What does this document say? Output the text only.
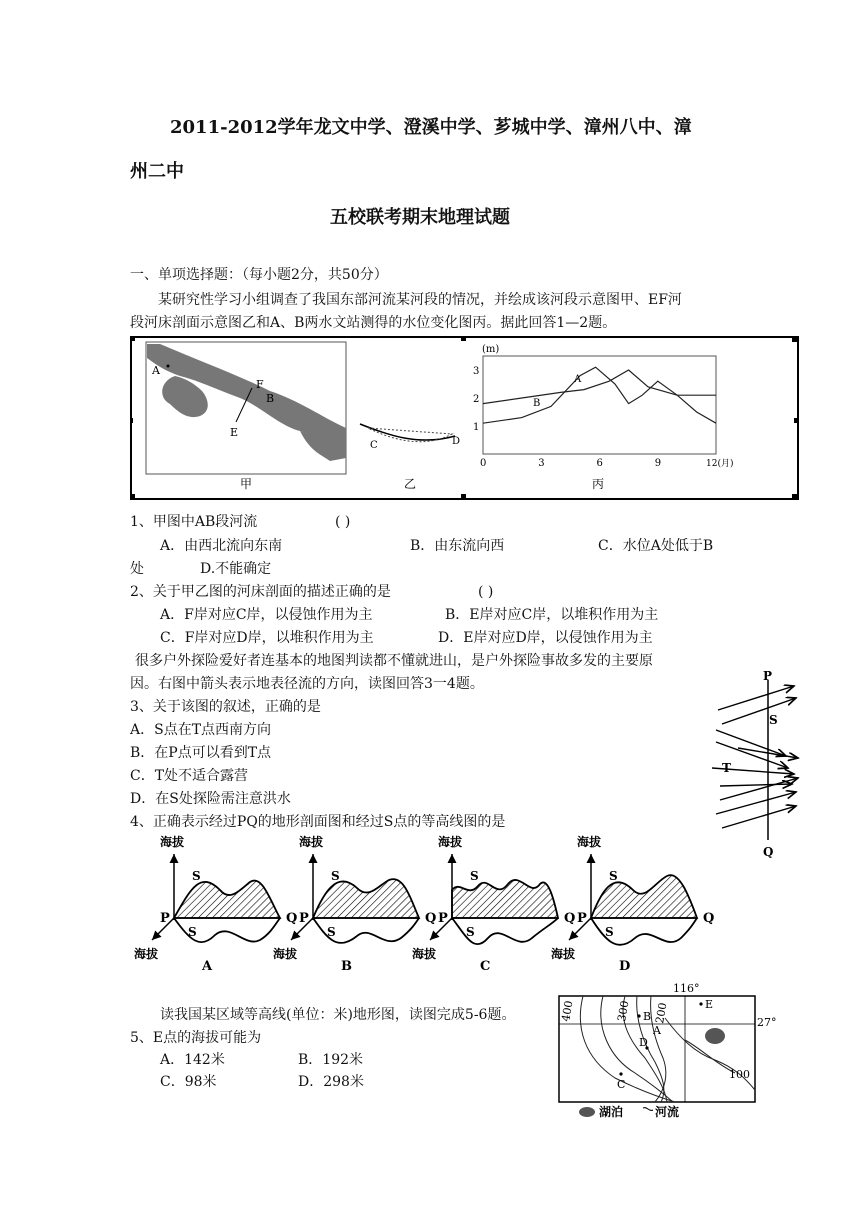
2011-2012学年龙文中学、澄溪中学、芗城中学、漳州八中、漳
州二中
五校联考期末地理试题
一、单项选择题：（每小题2分，共50分）
某研究性学习小组调查了我国东部河流某河段的情况，并绘成该河段示意图甲、EF河
段河床剖面示意图乙和A、B两水文站测得的水位变化图丙。据此回答1—2题。
A
F
B
E
甲
C	D
乙
(m)
1
2
3
0	3	6	9
A
B
12(月)
丙
1、甲图中AB段河流	( )
A．由西北流向东南	B．由东流向西	C．水位A处低于B
处	D.不能确定
2、关于甲乙图的河床剖面的描述正确的是	( )
A．F岸对应C岸，以侵蚀作用为主	B．E岸对应C岸，以堆积作用为主
C．F岸对应D岸，以堆积作用为主	D．E岸对应D岸，以侵蚀作用为主
很多户外探险爱好者连基本的地图判读都不懂就进山，是户外探险事故多发的主要原
因。右图中箭头表示地表径流的方向，读图回答3一4题。
3、关于该图的叙述，正确的是
A．S点在T点西南方向
B．在P点可以看到T点
C．T处不适合露营
D．在S处探险需注意洪水
4、正确表示经过PQ的地形剖面图和经过S点的等高线图的是
P
Q
S
T
海拔
P	Q
S
S
海拔
A
海拔
P	Q
S
S
海拔
B
海拔
P	Q
S
S
海拔
C
海拔
P	Q
S
S
海拔
D
读我国某区域等高线(单位：米)地形图，读图完成5-6题。
116°
27°
400	300 200
100
B
A
D
C
E
湖泊	河流
5、E点的海拔可能为
A．142米	B．192米
C．98米	D．298米
